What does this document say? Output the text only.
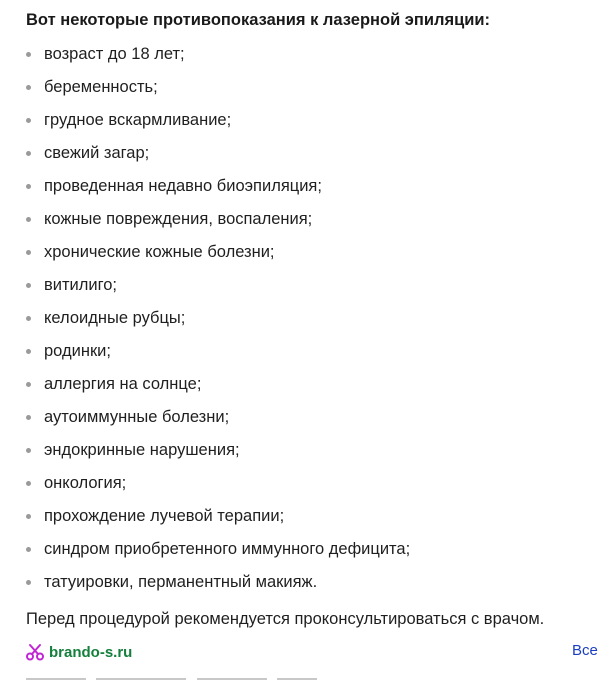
Вот некоторые противопоказания к лазерной эпиляции:
возраст до 18 лет;
беременность;
грудное вскармливание;
свежий загар;
проведенная недавно биоэпиляция;
кожные повреждения, воспаления;
хронические кожные болезни;
витилиго;
келоидные рубцы;
родинки;
аллергия на солнце;
аутоиммунные болезни;
эндокринные нарушения;
онкология;
прохождение лучевой терапии;
синдром приобретенного иммунного дефицита;
татуировки, перманентный макияж.
Перед процедурой рекомендуется проконсультироваться с врачом.
brando-s.ru	Все
